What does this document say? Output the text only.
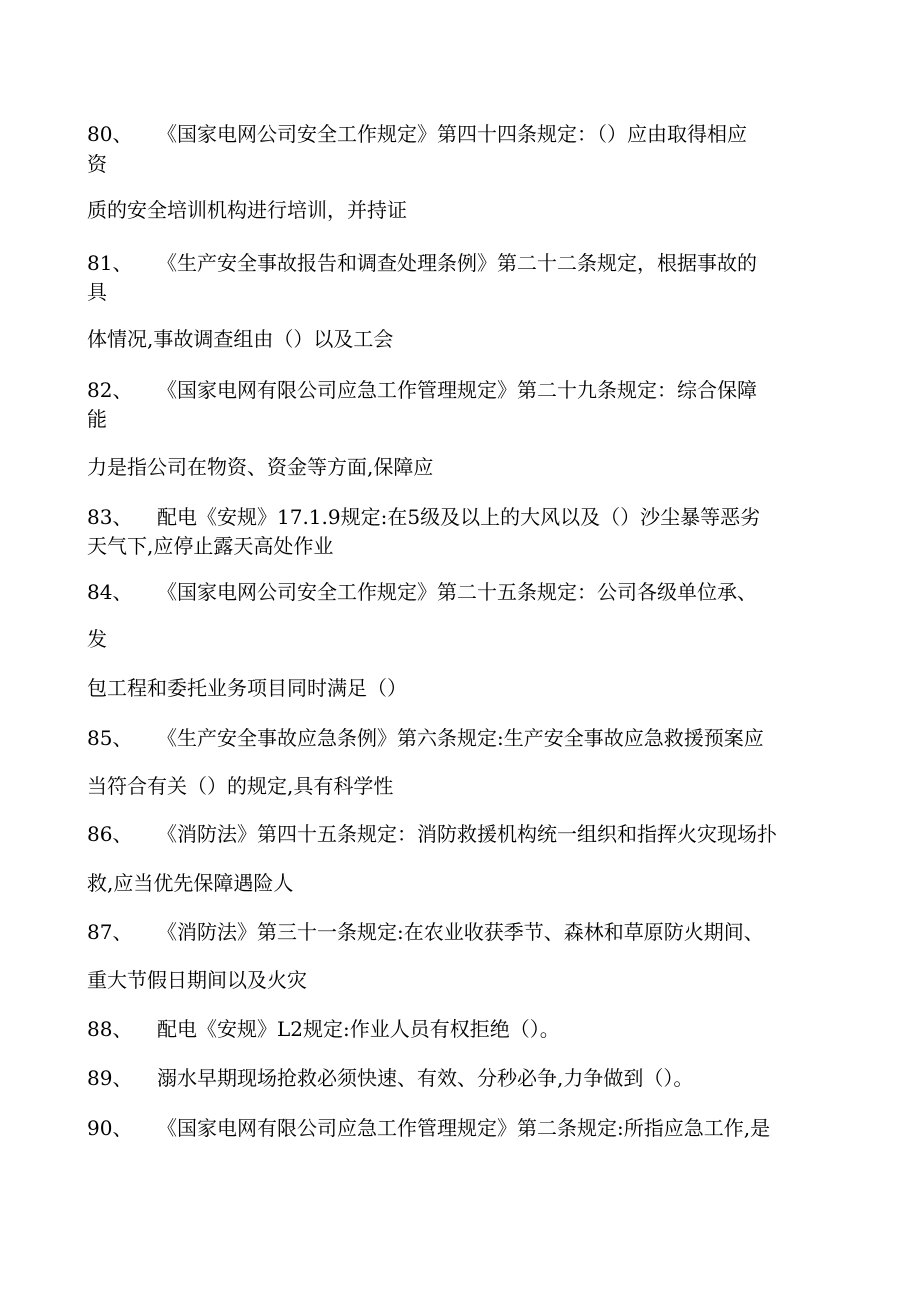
80、 《国家电网公司安全工作规定》第四十四条规定：（）应由取得相应
资
质的安全培训机构进行培训，并持证
81、 《生产安全事故报告和调查处理条例》第二十二条规定，根据事故的
具
体情况,事故调查组由（）以及工会
82、 《国家电网有限公司应急工作管理规定》第二十九条规定：综合保障
能
力是指公司在物资、资金等方面,保障应
83、 配电《安规》17.1.9规定:在5级及以上的大风以及（）沙尘暴等恶劣
天气下,应停止露天高处作业
84、 《国家电网公司安全工作规定》第二十五条规定：公司各级单位承、
发
包工程和委托业务项目同时满足（）
85、 《生产安全事故应急条例》第六条规定:生产安全事故应急救援预案应
当符合有关（）的规定,具有科学性
86、 《消防法》第四十五条规定：消防救援机构统一组织和指挥火灾现场扑
救,应当优先保障遇险人
87、 《消防法》第三十一条规定:在农业收获季节、森林和草原防火期间、
重大节假日期间以及火灾
88、 配电《安规》L2规定:作业人员有权拒绝（）。
89、 溺水早期现场抢救必须快速、有效、分秒必争,力争做到（）。
90、 《国家电网有限公司应急工作管理规定》第二条规定:所指应急工作,是
